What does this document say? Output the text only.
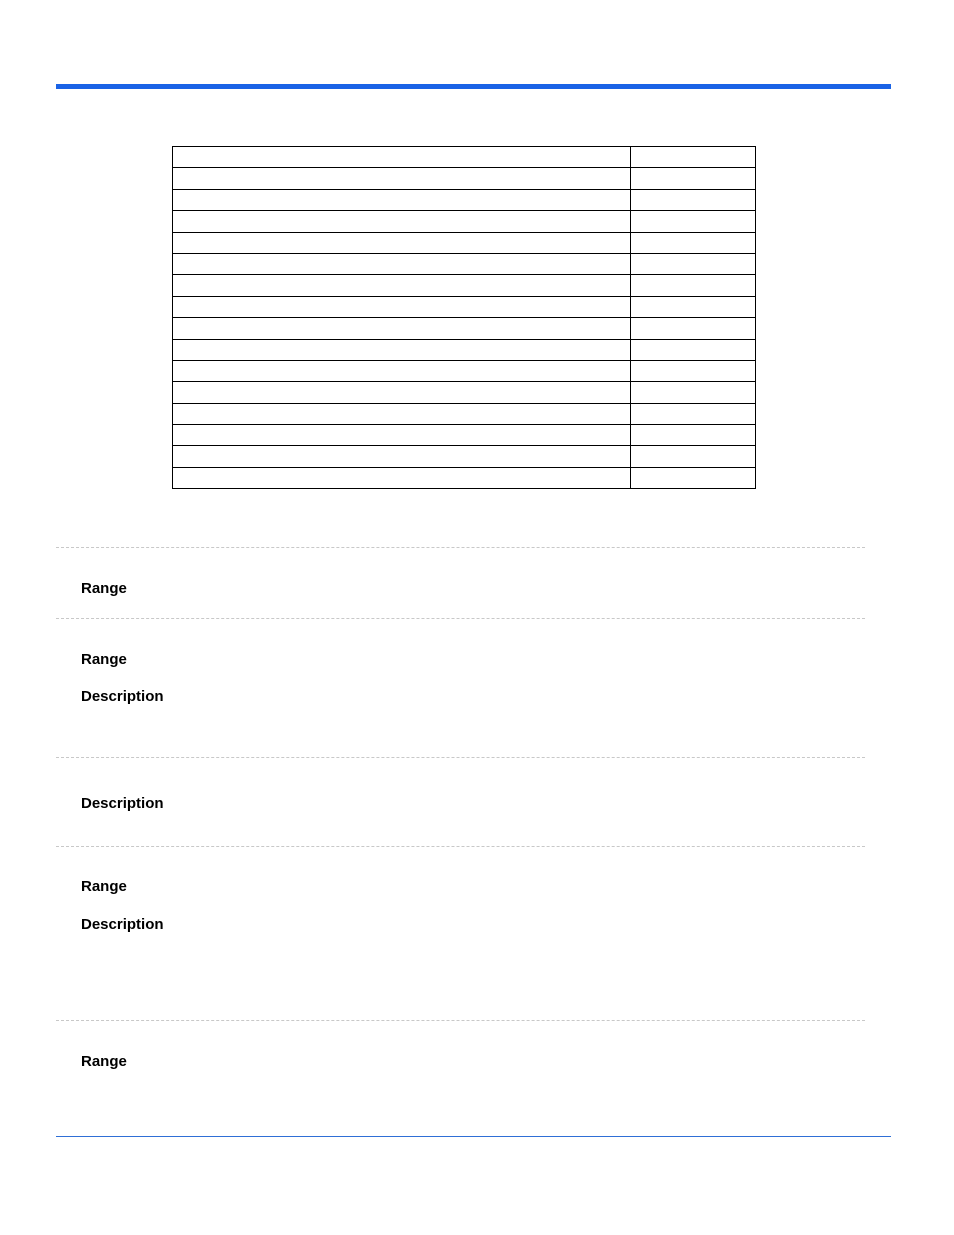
Range
Range
Description
Description
Range
Description
Range
